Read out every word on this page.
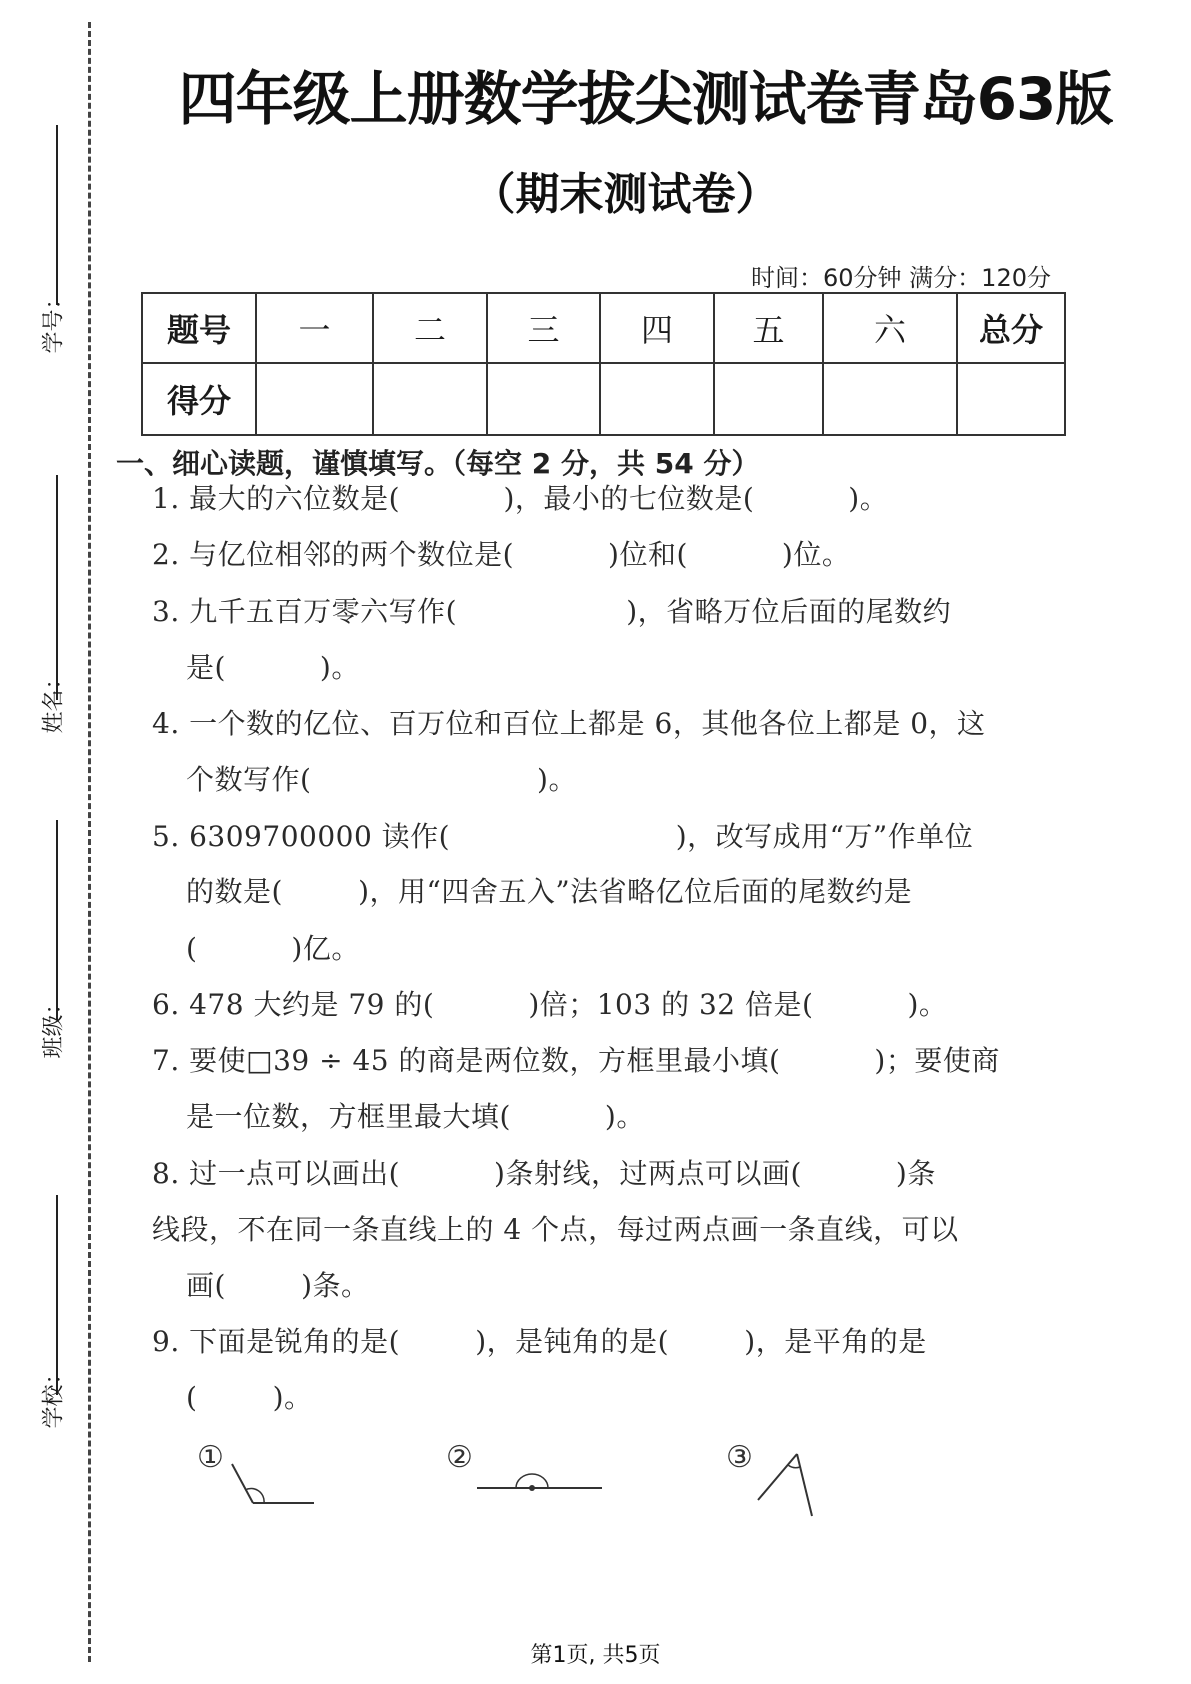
学号：
姓名：
班级：
学校：
四年级上册数学拔尖测试卷青岛63版
（期末测试卷）
时间：60分钟 满分：120分
题号	一	二	三	四	五	六	总分
得分							
一、细心读题，谨慎填写。（每空 2 分，共 54 分）
1. 最大的六位数是(           )，最小的七位数是(          )。
2. 与亿位相邻的两个数位是(          )位和(          )位。
3. 九千五百万零六写作(                  )，省略万位后面的尾数约
是(          )。
4. 一个数的亿位、百万位和百位上都是 6，其他各位上都是 0，这
个数写作(                        )。
5. 6309700000 读作(                        )，改写成用“万”作单位
的数是(        )，用“四舍五入”法省略亿位后面的尾数约是
(          )亿。
6. 478 大约是 79 的(          )倍；103 的 32 倍是(          )。
7. 要使□39 ÷ 45 的商是两位数，方框里最小填(          )；要使商
是一位数，方框里最大填(          )。
8. 过一点可以画出(          )条射线，过两点可以画(          )条
线段，不在同一条直线上的 4 个点，每过两点画一条直线，可以
画(        )条。
9. 下面是锐角的是(        )，是钝角的是(        )，是平角的是
(        )。
①	②	③
第1页, 共5页
